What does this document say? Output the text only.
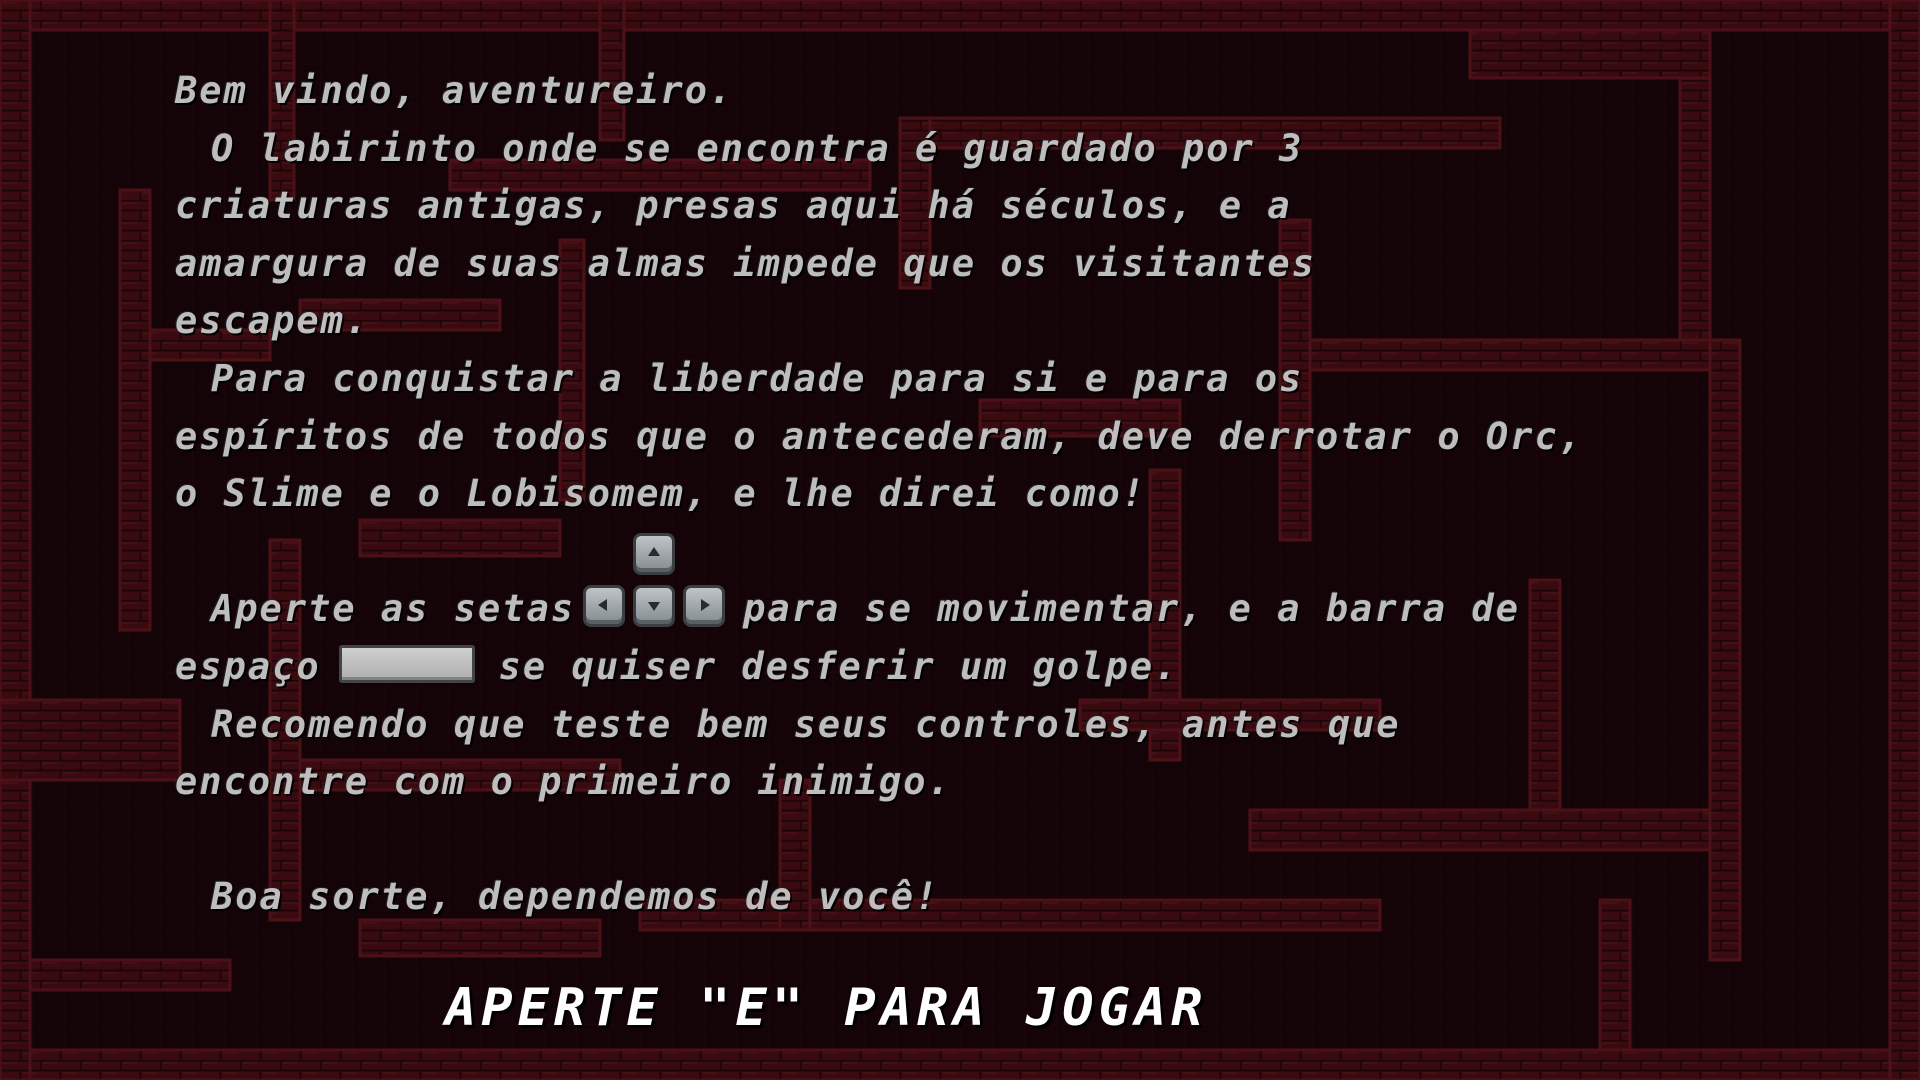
Bem vindo, aventureiro.
O labirinto onde se encontra é guardado por 3
criaturas antigas, presas aqui há séculos, e a
amargura de suas almas impede que os visitantes
escapem.
Para conquistar a liberdade para si e para os
espíritos de todos que o antecederam, deve derrotar o Orc,
o Slime e o Lobisomem, e lhe direi como!
Aperte as setas	para se movimentar, e a barra de
espaço	se quiser desferir um golpe.
Recomendo que teste bem seus controles, antes que
encontre com o primeiro inimigo.
Boa sorte, dependemos de você!
APERTE "E" PARA JOGAR
